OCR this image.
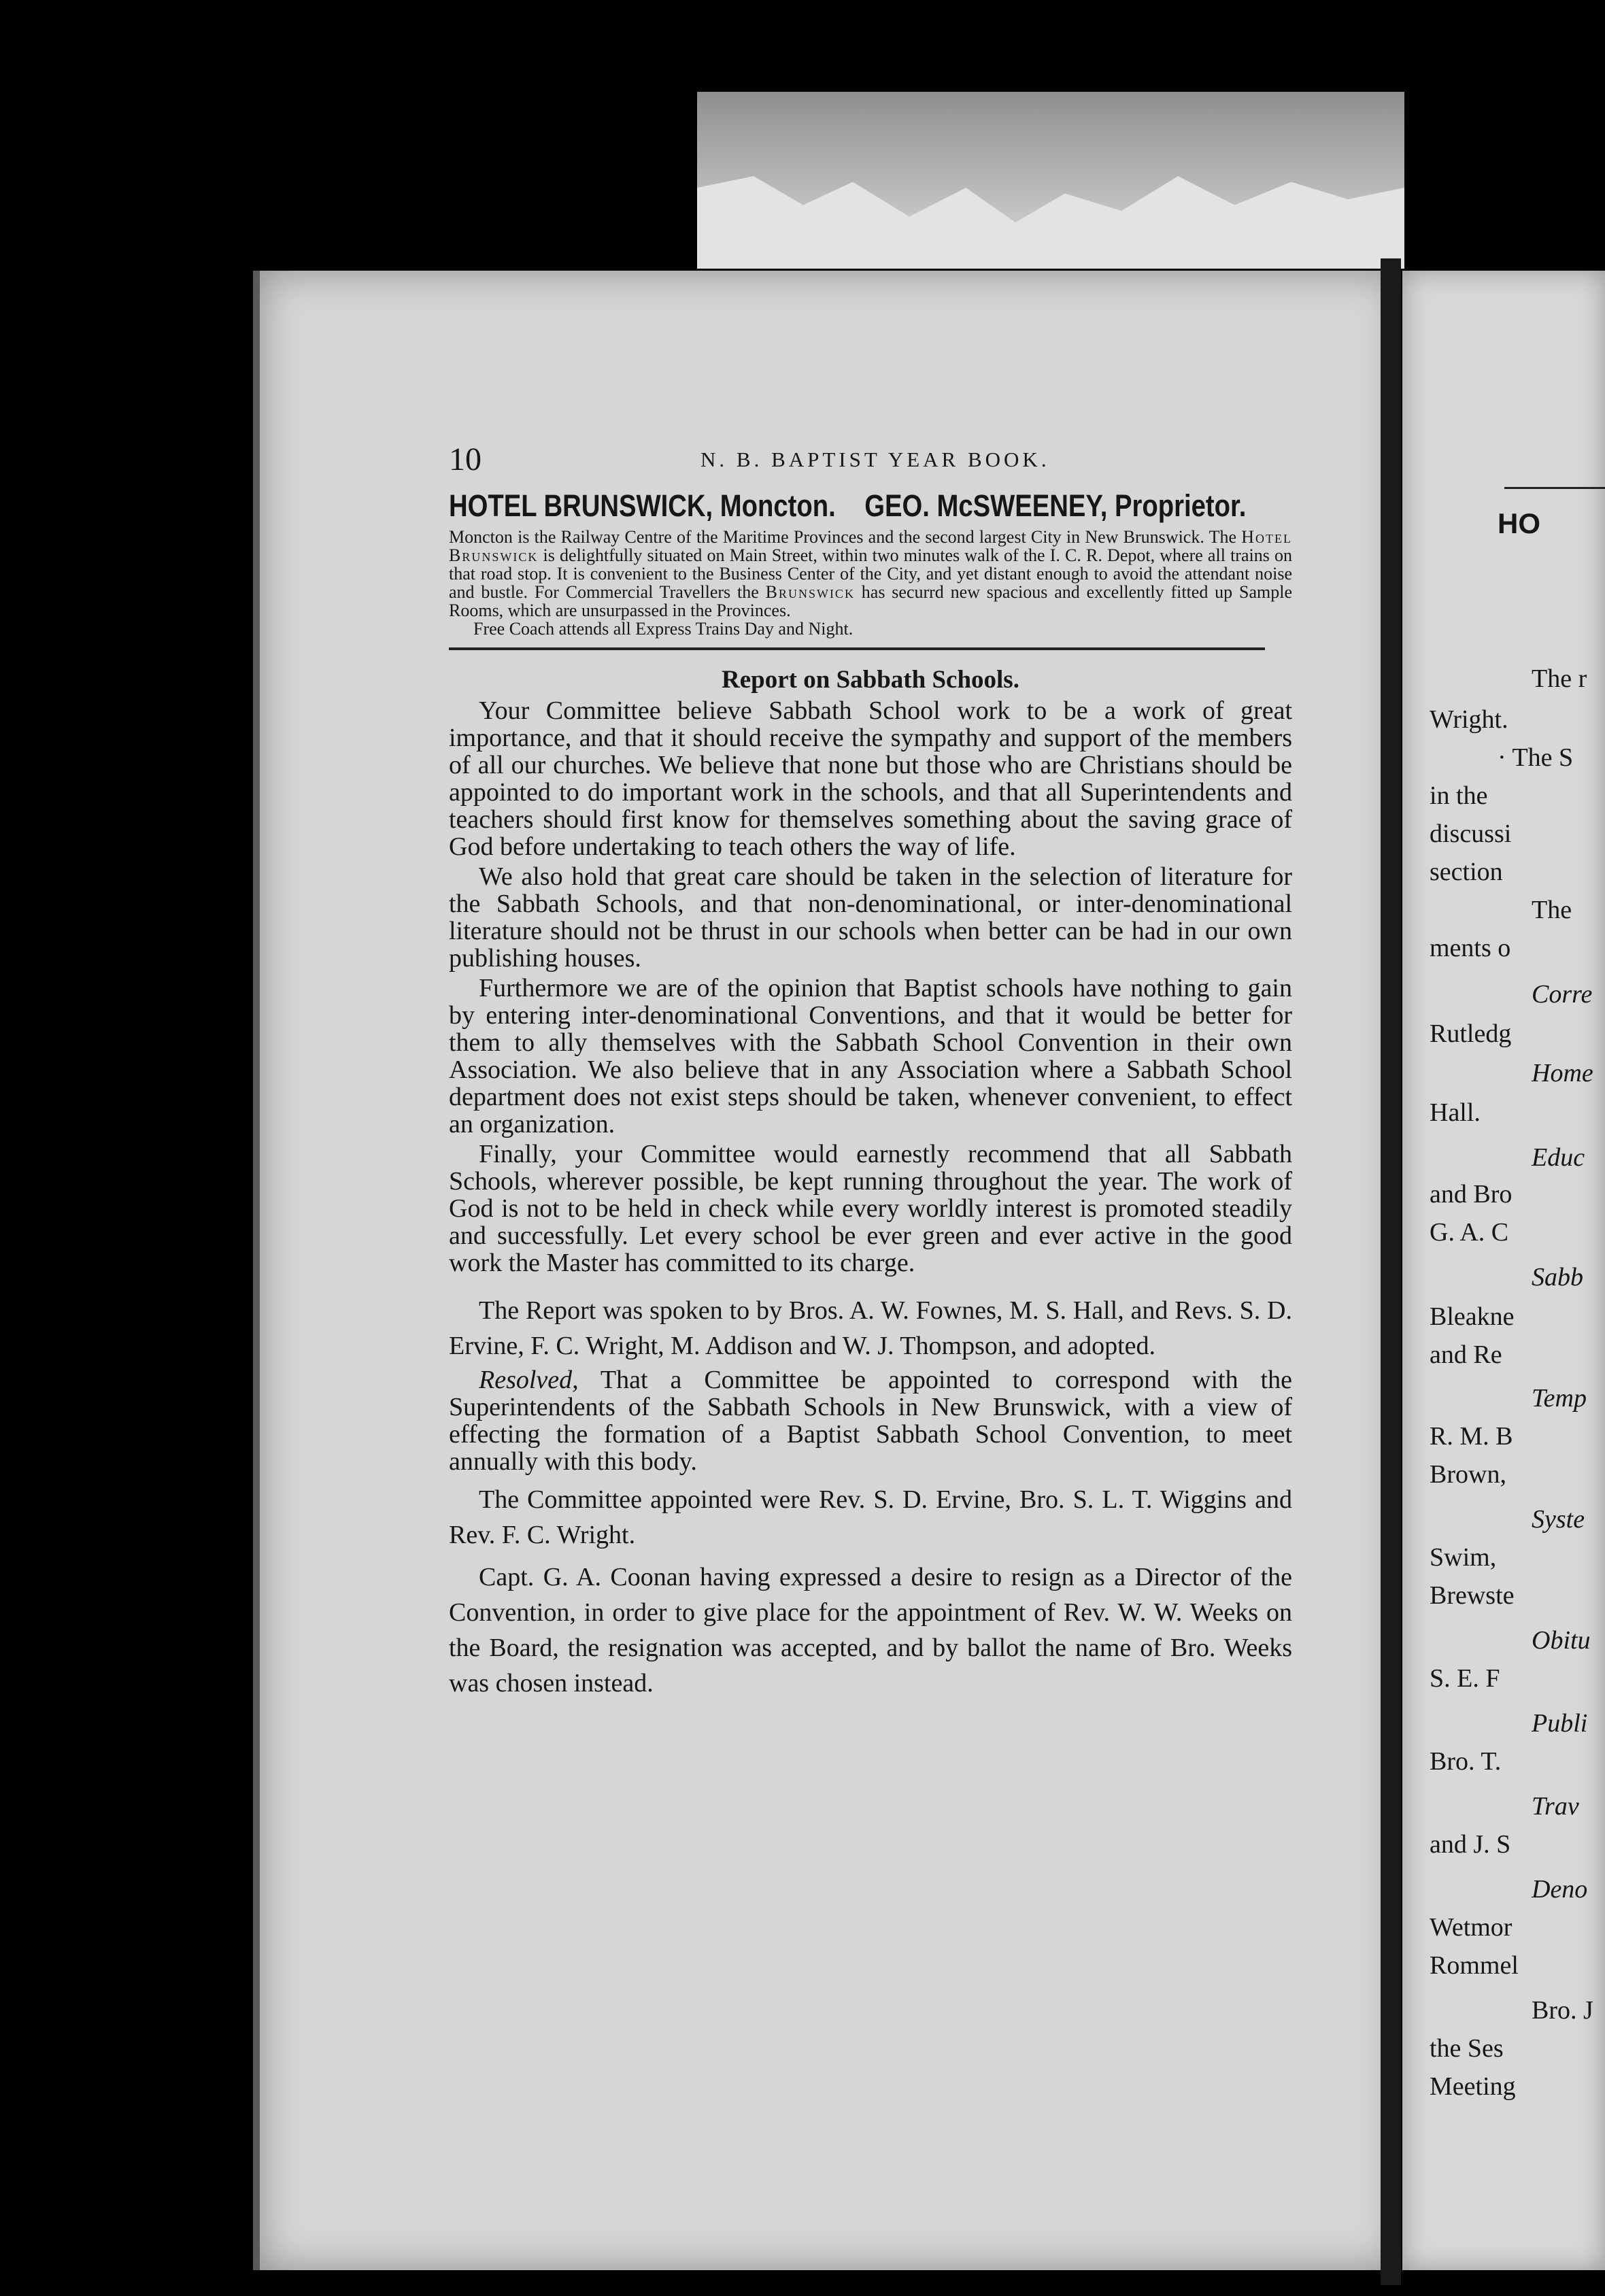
HO
The r
Wright.
· The S
in the
discussi
section
The
ments o
Corre
Rutledg
Home
Hall.
Educ
and Bro
G. A. C
Sabb
Bleakne
and Re
Temp
R. M. B
Brown,
Syste
Swim,
Brewste
Obitu
S. E. F
Publi
Bro. T.
Trav
and J. S
Deno
Wetmor
Rommel
Bro. J
the Ses
Meeting
10	N. B. BAPTIST YEAR BOOK.
HOTEL BRUNSWICK, Moncton. GEO. McSWEENEY, Proprietor.
Moncton is the Railway Centre of the Maritime Provinces and the second largest City in New Brunswick. The Hotel Brunswick is delightfully situated on Main Street, within two minutes walk of the I. C. R. Depot, where all trains on that road stop. It is convenient to the Business Center of the City, and yet distant enough to avoid the attendant noise and bustle. For Commercial Travellers the Brunswick has securrd new spacious and excellently fitted up Sample Rooms, which are unsurpassed in the Provinces.
Free Coach attends all Express Trains Day and Night.
Report on Sabbath Schools.

Your Committee believe Sabbath School work to be a work of great importance, and that it should receive the sympathy and support of the members of all our churches. We believe that none but those who are Christians should be appointed to do important work in the schools, and that all Superintendents and teachers should first know for themselves something about the saving grace of God before undertaking to teach others the way of life.

We also hold that great care should be taken in the selection of literature for the Sabbath Schools, and that non-denominational, or inter-denominational literature should not be thrust in our schools when better can be had in our own publishing houses.

Furthermore we are of the opinion that Baptist schools have nothing to gain by entering inter-denominational Conventions, and that it would be better for them to ally themselves with the Sabbath School Convention in their own Association. We also believe that in any Association where a Sabbath School department does not exist steps should be taken, whenever convenient, to effect an organization.

Finally, your Committee would earnestly recommend that all Sabbath Schools, wherever possible, be kept running throughout the year. The work of God is not to be held in check while every worldly interest is promoted steadily and successfully. Let every school be ever green and ever active in the good work the Master has committed to its charge.

The Report was spoken to by Bros. A. W. Fownes, M. S. Hall, and Revs. S. D. Ervine, F. C. Wright, M. Addison and W. J. Thompson, and adopted.

Resolved, That a Committee be appointed to correspond with the Superintendents of the Sabbath Schools in New Brunswick, with a view of effecting the formation of a Baptist Sabbath School Convention, to meet annually with this body.

The Committee appointed were Rev. S. D. Ervine, Bro. S. L. T. Wiggins and Rev. F. C. Wright.

Capt. G. A. Coonan having expressed a desire to resign as a Director of the Convention, in order to give place for the appointment of Rev. W. W. Weeks on the Board, the resignation was accepted, and by ballot the name of Bro. Weeks was chosen instead.
